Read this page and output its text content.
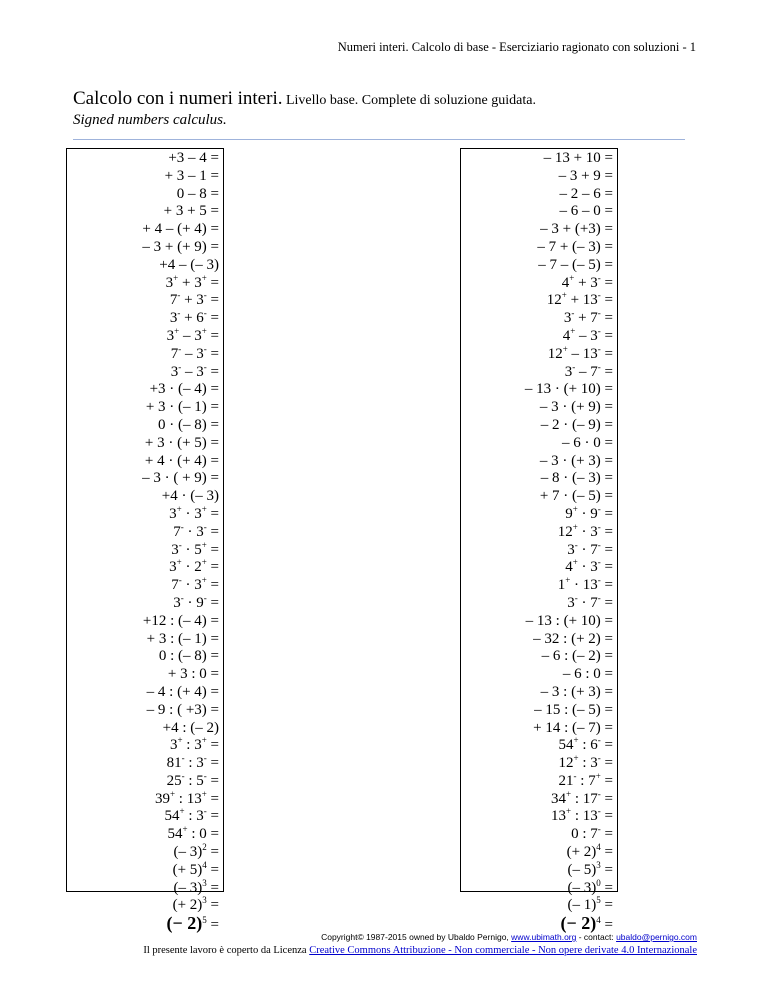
Numeri interi. Calcolo di base - Eserciziario ragionato con soluzioni - 1
Calcolo con i numeri interi. Livello base. Complete di soluzione guidata.
Signed numbers calculus.
+3 – 4 =
+ 3 – 1 =
0 – 8 =
+ 3 + 5 =
+ 4 – (+ 4) =
– 3 + (+ 9) =
+4 – (– 3)
3+ + 3+ =
7- + 3- =
3- + 6- =
3+ – 3+ =
7- – 3- =
3- – 3- =
+3 · (– 4) =
+ 3 · (– 1) =
0 · (– 8) =
+ 3 · (+ 5) =
+ 4 · (+ 4) =
– 3 · ( + 9) =
+4 · (– 3)
3+ · 3+ =
7- · 3- =
3- · 5+ =
3+ · 2+ =
7- · 3+ =
3- · 9- =
+12 : (– 4) =
+ 3 : (– 1) =
0 : (– 8) =
+ 3 : 0 =
– 4 : (+ 4) =
– 9 : ( +3) =
+4 : (– 2)
3+ : 3+ =
81- : 3- =
25- : 5- =
39+ : 13+ =
54+ : 3- =
54+ : 0 =
(– 3)$^2$ =
(+ 5)$^4$ =
(– 3)$^3$ =
(+ 2)$^3$ =
(− 2)$^5$ =
– 13 + 10 =
– 3 + 9 =
– 2 – 6 =
– 6 – 0 =
– 3 + (+3) =
– 7 + (– 3) =
– 7 – (– 5) =
4+ + 3- =
12+ + 13- =
3- + 7- =
4+ – 3- =
12+ – 13- =
3- – 7- =
– 13 · (+ 10) =
– 3 · (+ 9) =
– 2 · (– 9) =
– 6 · 0 =
– 3 · (+ 3) =
– 8 · (– 3) =
+ 7 · (– 5) =
9+ · 9- =
12+ · 3- =
3- · 7- =
4+ · 3- =
1+ · 13- =
3- · 7- =
– 13 : (+ 10) =
– 32 : (+ 2) =
– 6 : (– 2) =
– 6 : 0 =
– 3 : (+ 3) =
– 15 : (– 5) =
+ 14 : (– 7) =
54+ : 6- =
12+ : 3- =
21- : 7+ =
34+ : 17- =
13+ : 13- =
0 : 7- =
(+ 2)$^4$ =
(– 5)$^3$ =
(– 3)$^0$ =
(– 1)$^5$ =
(− 2)$^4$ =
Copyright© 1987-2015 owned by Ubaldo Pernigo, www.ubimath.org - contact: ubaldo@pernigo.com
Il presente lavoro è coperto da Licenza Creative Commons Attribuzione - Non commerciale - Non opere derivate 4.0 Internazionale
